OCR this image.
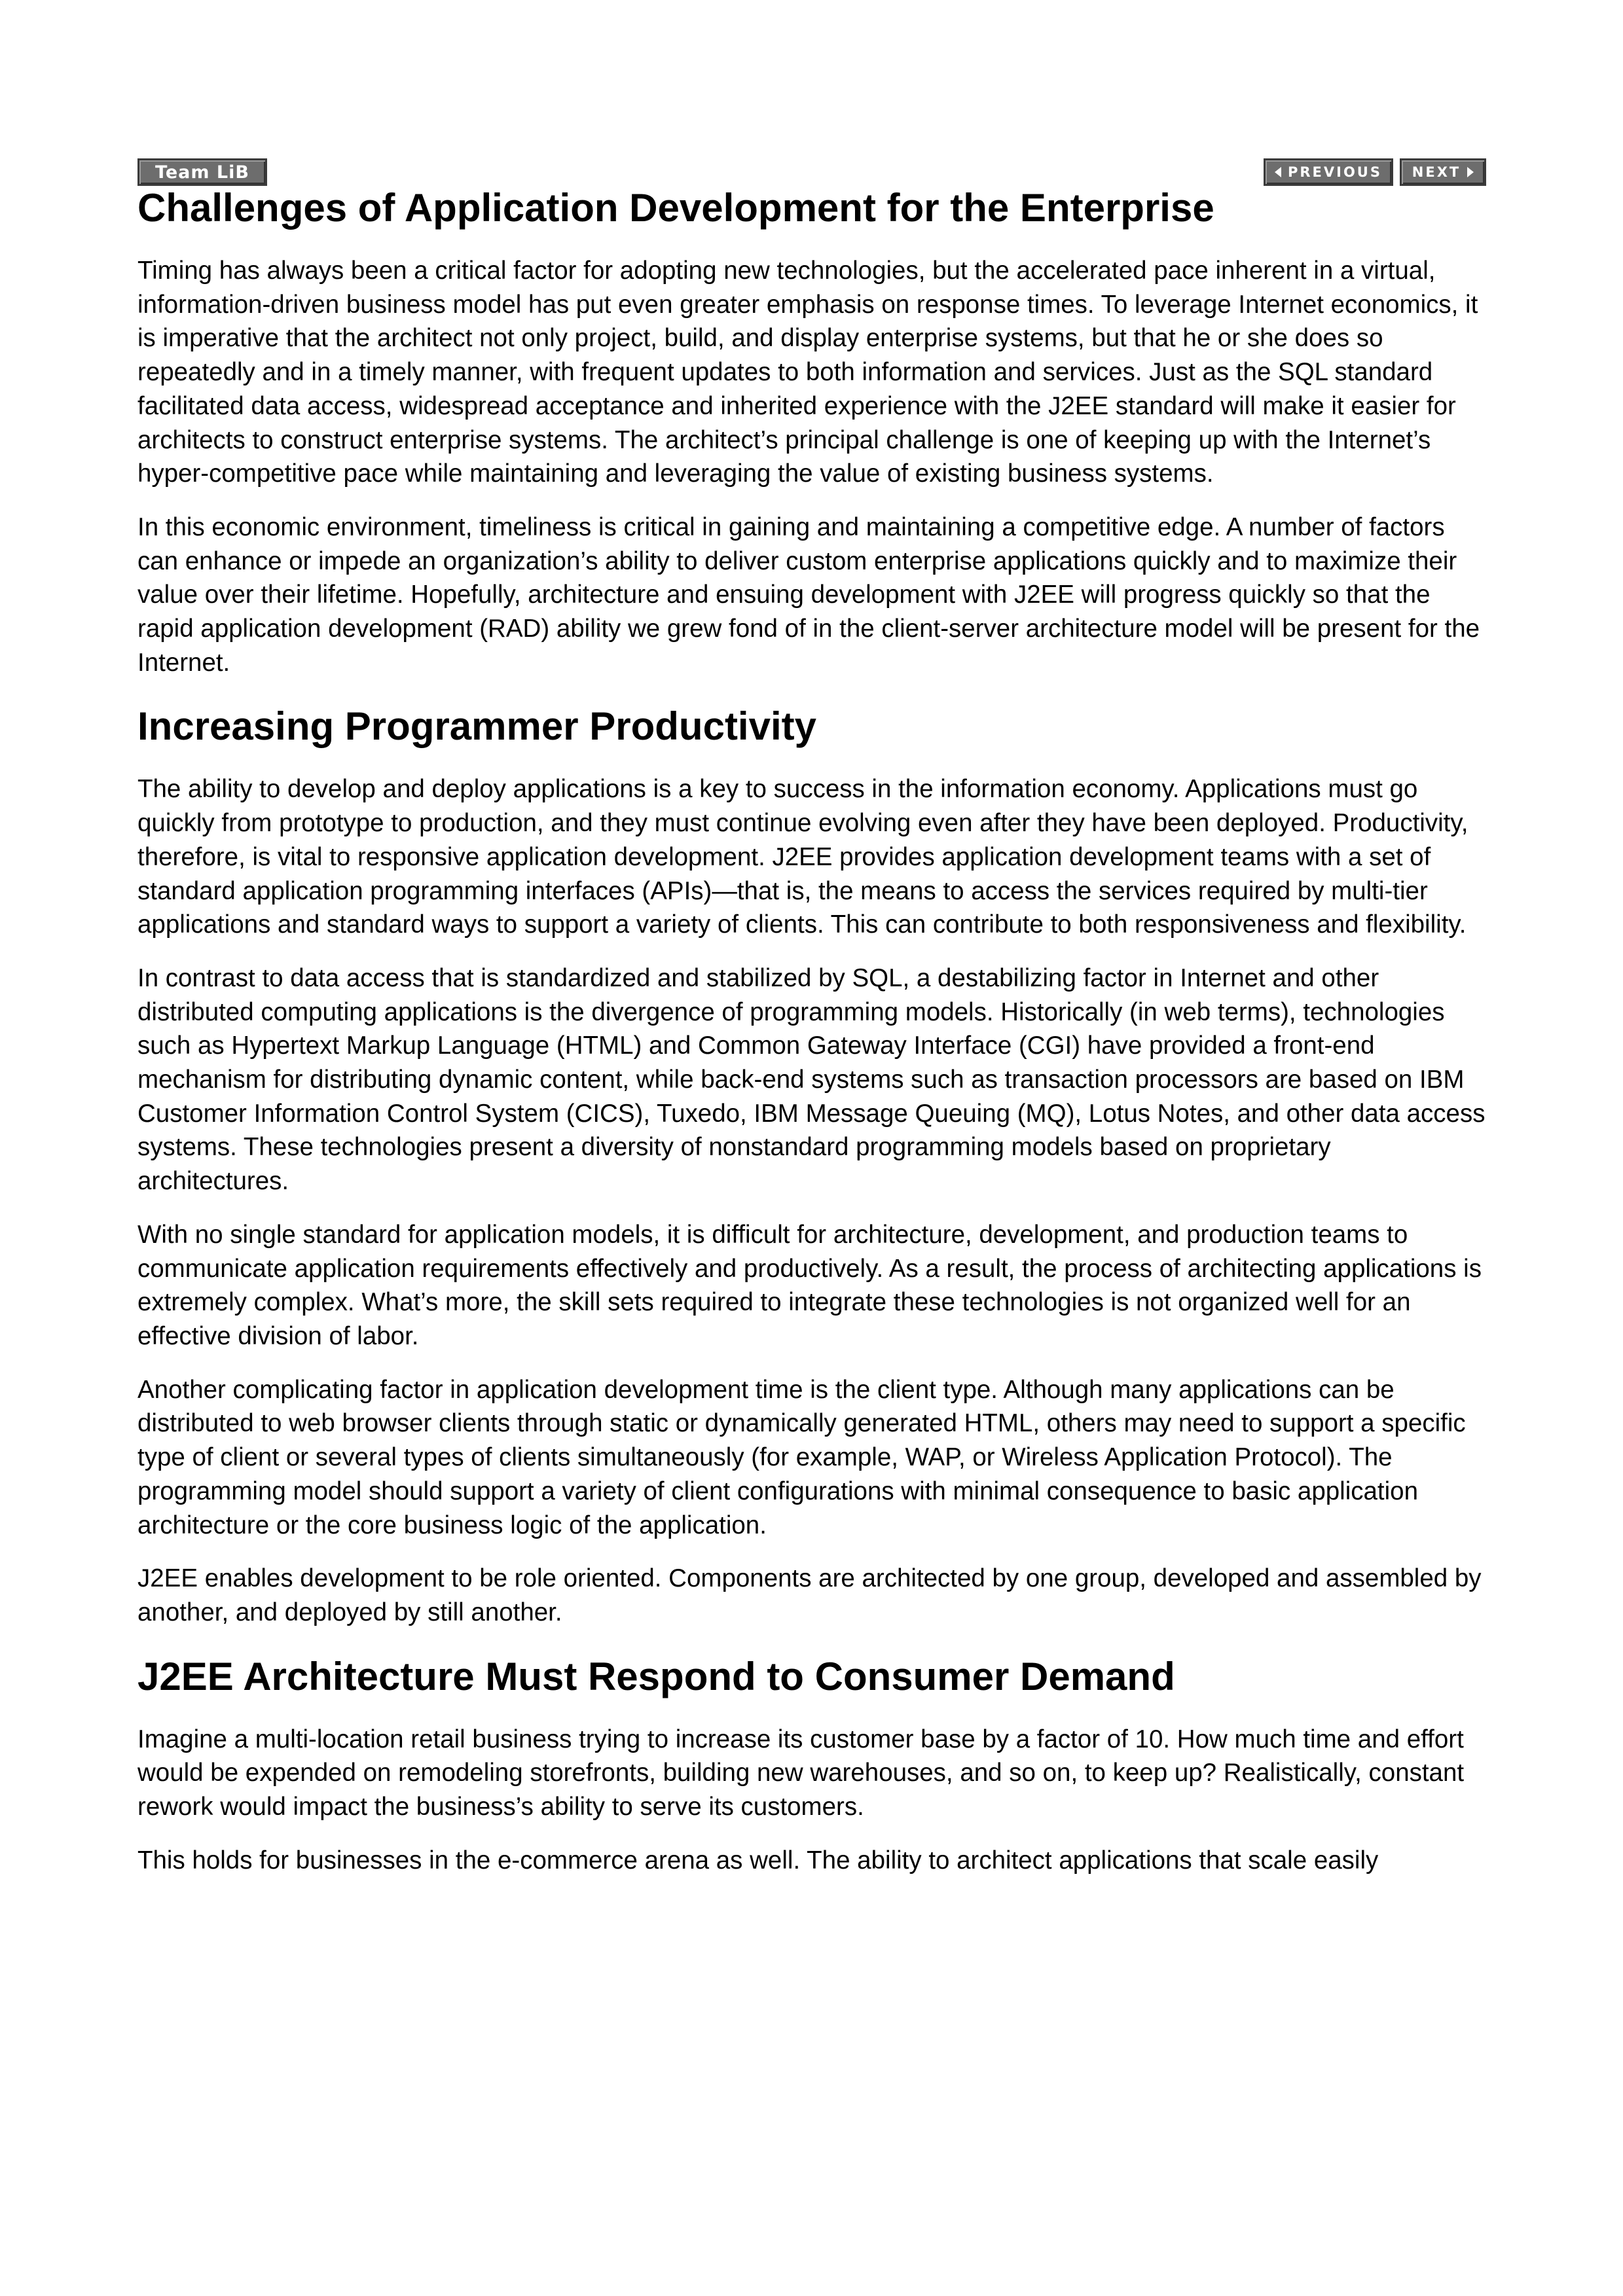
Team LiB	PREVIOUS NEXT
Challenges of Application Development for the Enterprise

Timing has always been a critical factor for adopting new technologies, but the accelerated pace inherent in a virtual, information-driven business model has put even greater emphasis on response times. To leverage Internet economics, it is imperative that the architect not only project, build, and display enterprise systems, but that he or she does so repeatedly and in a timely manner, with frequent updates to both information and services. Just as the SQL standard facilitated data access, widespread acceptance and inherited experience with the J2EE standard will make it easier for architects to construct enterprise systems. The architect’s principal challenge is one of keeping up with the Internet’s hyper-competitive pace while maintaining and leveraging the value of existing business systems.

In this economic environment, timeliness is critical in gaining and maintaining a competitive edge. A number of factors can enhance or impede an organization’s ability to deliver custom enterprise applications quickly and to maximize their value over their lifetime. Hopefully, architecture and ensuing development with J2EE will progress quickly so that the rapid application development (RAD) ability we grew fond of in the client-server architecture model will be present for the Internet.

Increasing Programmer Productivity

The ability to develop and deploy applications is a key to success in the information economy. Applications must go quickly from prototype to production, and they must continue evolving even after they have been deployed. Productivity, therefore, is vital to responsive application development. J2EE provides application development teams with a set of standard application programming interfaces (APIs)—that is, the means to access the services required by multi-tier applications and standard ways to support a variety of clients. This can contribute to both responsiveness and flexibility.

In contrast to data access that is standardized and stabilized by SQL, a destabilizing factor in Internet and other distributed computing applications is the divergence of programming models. Historically (in web terms), technologies such as Hypertext Markup Language (HTML) and Common Gateway Interface (CGI) have provided a front-end mechanism for distributing dynamic content, while back-end systems such as transaction processors are based on IBM Customer Information Control System (CICS), Tuxedo, IBM Message Queuing (MQ), Lotus Notes, and other data access systems. These technologies present a diversity of nonstandard programming models based on proprietary architectures.

With no single standard for application models, it is difficult for architecture, development, and production teams to communicate application requirements effectively and productively. As a result, the process of architecting applications is extremely complex. What’s more, the skill sets required to integrate these technologies is not organized well for an effective division of labor.

Another complicating factor in application development time is the client type. Although many applications can be distributed to web browser clients through static or dynamically generated HTML, others may need to support a specific type of client or several types of clients simultaneously (for example, WAP, or Wireless Application Protocol). The programming model should support a variety of client configurations with minimal consequence to basic application architecture or the core business logic of the application.

J2EE enables development to be role oriented. Components are architected by one group, developed and assembled by another, and deployed by still another.

J2EE Architecture Must Respond to Consumer Demand

Imagine a multi-location retail business trying to increase its customer base by a factor of 10. How much time and effort would be expended on remodeling storefronts, building new warehouses, and so on, to keep up? Realistically, constant rework would impact the business’s ability to serve its customers.

This holds for businesses in the e-commerce arena as well. The ability to architect applications that scale easily
